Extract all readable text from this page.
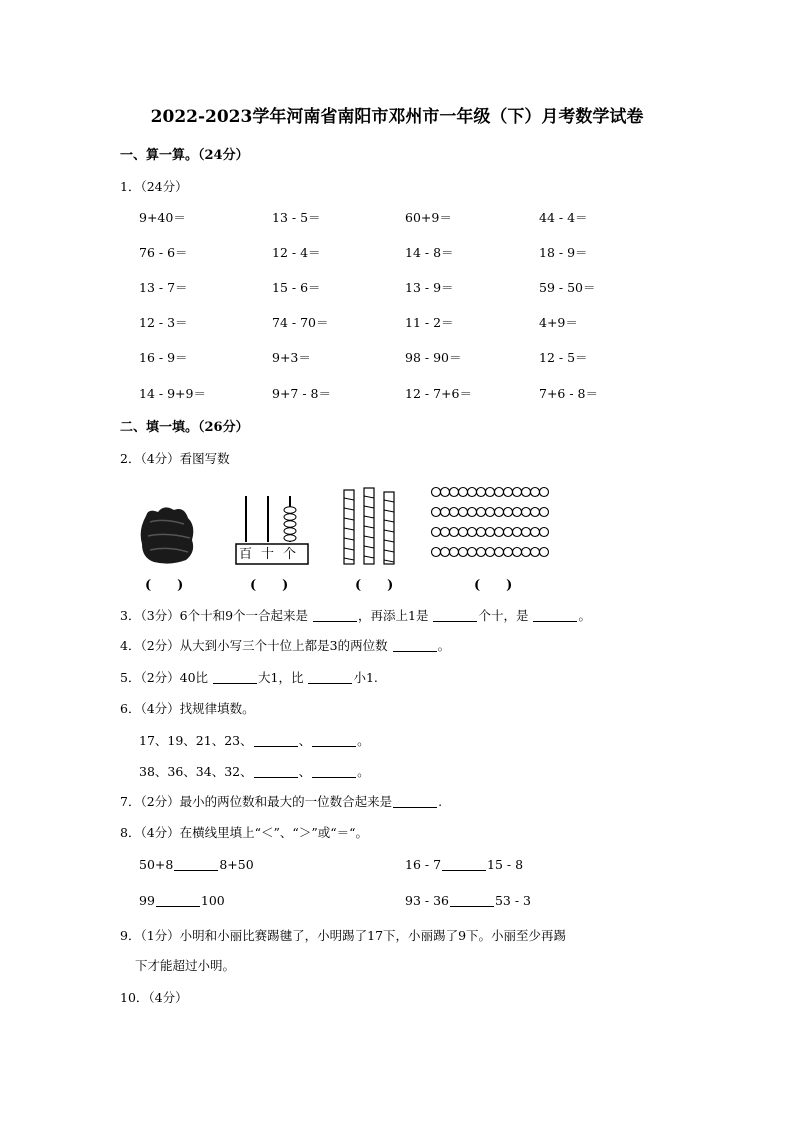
2022-2023学年河南省南阳市邓州市一年级（下）月考数学试卷
一、算一算。（24分）
1．（24分）
9+40＝	13 - 5＝	60+9＝	44 - 4＝
76 - 6＝	12 - 4＝	14 - 8＝	18 - 9＝
13 - 7＝	15 - 6＝	13 - 9＝	59 - 50＝
12 - 3＝	74 - 70＝	11 - 2＝	4+9＝
16 - 9＝	9+3＝	98 - 90＝	12 - 5＝
14 - 9+9＝	9+7 - 8＝	12 - 7+6＝	7+6 - 8＝
二、填一填。（26分）
2．（4分）看图写数
百 十 个
(　　)	(　　)	(　　)	(　　)
3．（3分）6个十和9个一合起来是	，再添上1是	个十，是	。
4．（2分）从大到小写三个十位上都是3的两位数	。
5．（2分）40比	大1，比	小1.
6．（4分）找规律填数。
17、19、21、23、	、	。
38、36、34、32、	、	。
7．（2分）最小的两位数和最大的一位数合起来是	.
8．（4分）在横线里填上“＜”、“＞”或“＝“。
50+8	8+50	16 - 7	15 - 8
99	100	93 - 36	53 - 3
9．（1分）小明和小丽比赛踢毽了，小明踢了17下，小丽踢了9下。小丽至少再踢
下才能超过小明。
10．（4分）
